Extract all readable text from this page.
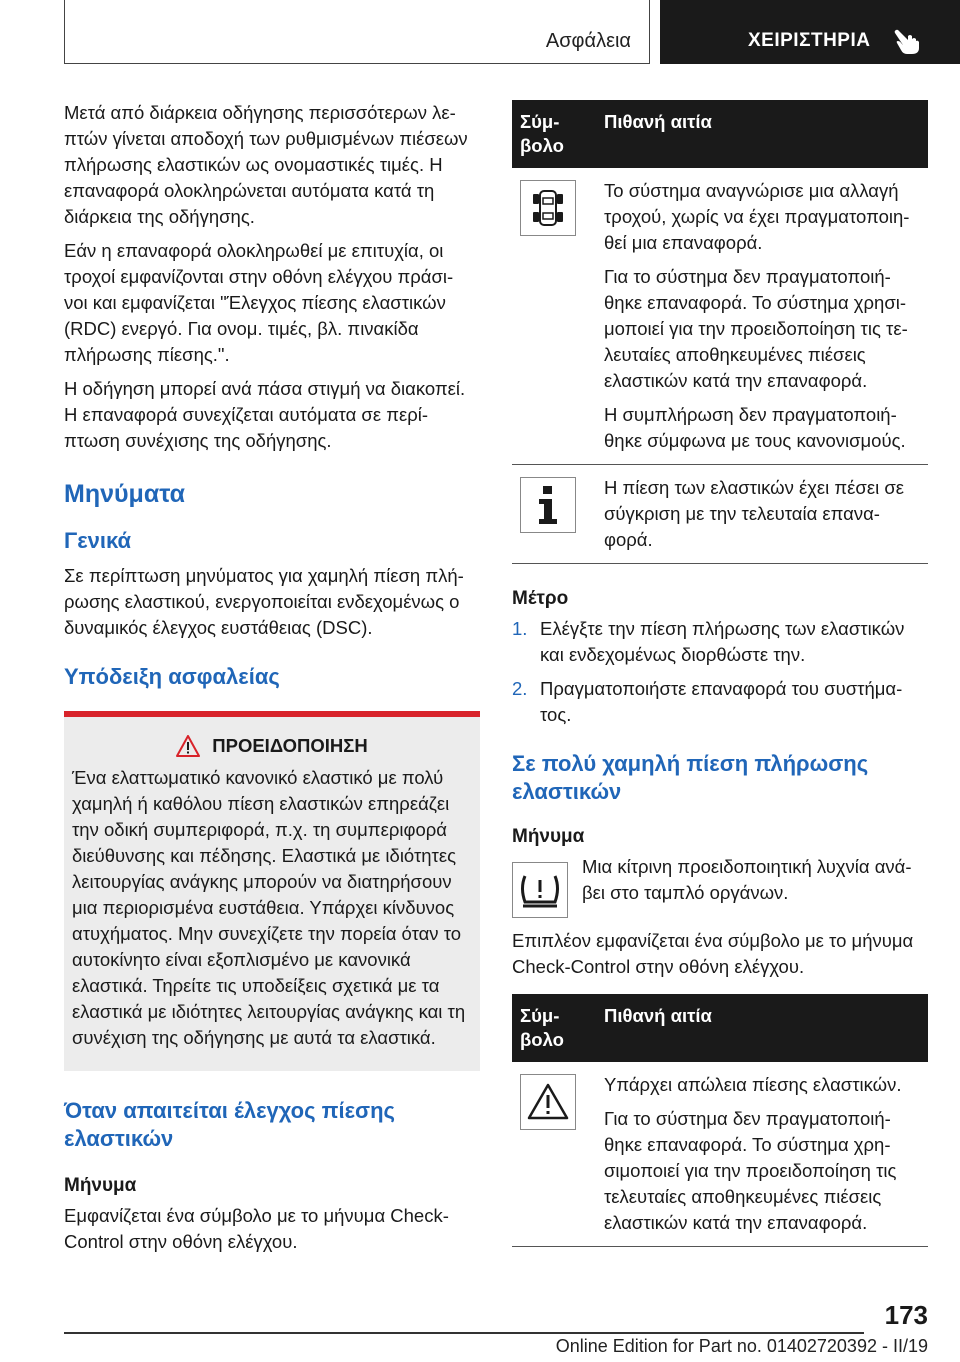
Ασφάλεια	ΧΕΙΡΙΣΤΗΡΙΑ

Μετά από διάρκεια οδήγησης περισσότερων λε- πτών γίνεται αποδοχή των ρυθμισμένων πιέσεων πλήρωσης ελαστικών ως ονομαστικές τιμές. Η επαναφορά ολοκληρώνεται αυτόματα κατά τη διάρκεια της οδήγησης.

Εάν η επαναφορά ολοκληρωθεί με επιτυχία, οι τροχοί εμφανίζονται στην οθόνη ελέγχου πράσι- νοι και εμφανίζεται "Έλεγχος πίεσης ελαστικών (RDC) ενεργό. Για ονομ. τιμές, βλ. πινακίδα πλήρωσης πίεσης.".

Η οδήγηση μπορεί ανά πάσα στιγμή να διακοπεί. Η επαναφορά συνεχίζεται αυτόματα σε περί- πτωση συνέχισης της οδήγησης.

Μηνύματα
Γενικά

Σε περίπτωση μηνύματος για χαμηλή πίεση πλή- ρωσης ελαστικού, ενεργοποιείται ενδεχομένως ο δυναμικός έλεγχος ευστάθειας (DSC).

Υπόδειξη ασφαλείας
ΠΡΟΕΙΔΟΠΟΙΗΣΗ

Ένα ελαττωματικό κανονικό ελαστικό με πολύ χαμηλή ή καθόλου πίεση ελαστικών επηρεάζει την οδική συμπεριφορά, π.χ. τη συμπεριφορά διεύθυνσης και πέδησης. Ελαστικά με ιδιότητες λειτουργίας ανάγκης μπορούν να διατηρήσουν μια περιορισμένα ευστάθεια. Υπάρχει κίνδυνος ατυχήματος. Μην συνεχίζετε την πορεία όταν το αυτοκίνητο είναι εξοπλισμένο με κανονικά ελαστικά. Τηρείτε τις υποδείξεις σχετικά με τα ελαστικά με ιδιότητες λειτουργίας ανάγκης και τη συνέχιση της οδήγησης με αυτά τα ελαστικά.

Όταν απαιτείται έλεγχος πίεσης ελαστικών
Μήνυμα

Εμφανίζεται ένα σύμβολο με το μήνυμα Check- Control στην οθόνη ελέγχου.

Σύμ- βολο	Πιθανή αιτία

Το σύστημα αναγνώρισε μια αλλαγή τροχού, χωρίς να έχει πραγματοποιη- θεί μια επαναφορά.

Για το σύστημα δεν πραγματοποιή- θηκε επαναφορά. Το σύστημα χρησι- μοποιεί για την προειδοποίηση τις τε- λευταίες αποθηκευμένες πιέσεις ελαστικών κατά την επαναφορά.

Η συμπλήρωση δεν πραγματοποιή- θηκε σύμφωνα με τους κανονισμούς.

Η πίεση των ελαστικών έχει πέσει σε σύγκριση με την τελευταία επανα- φορά.

Μέτρο
1. Ελέγξτε την πίεση πλήρωσης των ελαστικών και ενδεχομένως διορθώστε την.
2. Πραγματοποιήστε επαναφορά του συστήμα- τος.
Σε πολύ χαμηλή πίεση πλήρωσης ελαστικών
Μήνυμα

Μια κίτρινη προειδοποιητική λυχνία ανά- βει στο ταμπλό οργάνων.

Επιπλέον εμφανίζεται ένα σύμβολο με το μήνυμα Check-Control στην οθόνη ελέγχου.

Σύμ- βολο	Πιθανή αιτία

Υπάρχει απώλεια πίεσης ελαστικών.

Για το σύστημα δεν πραγματοποιή- θηκε επαναφορά. Το σύστημα χρη- σιμοποιεί για την προειδοποίηση τις τελευταίες αποθηκευμένες πιέσεις ελαστικών κατά την επαναφορά.

173
Online Edition for Part no. 01402720392 - II/19
